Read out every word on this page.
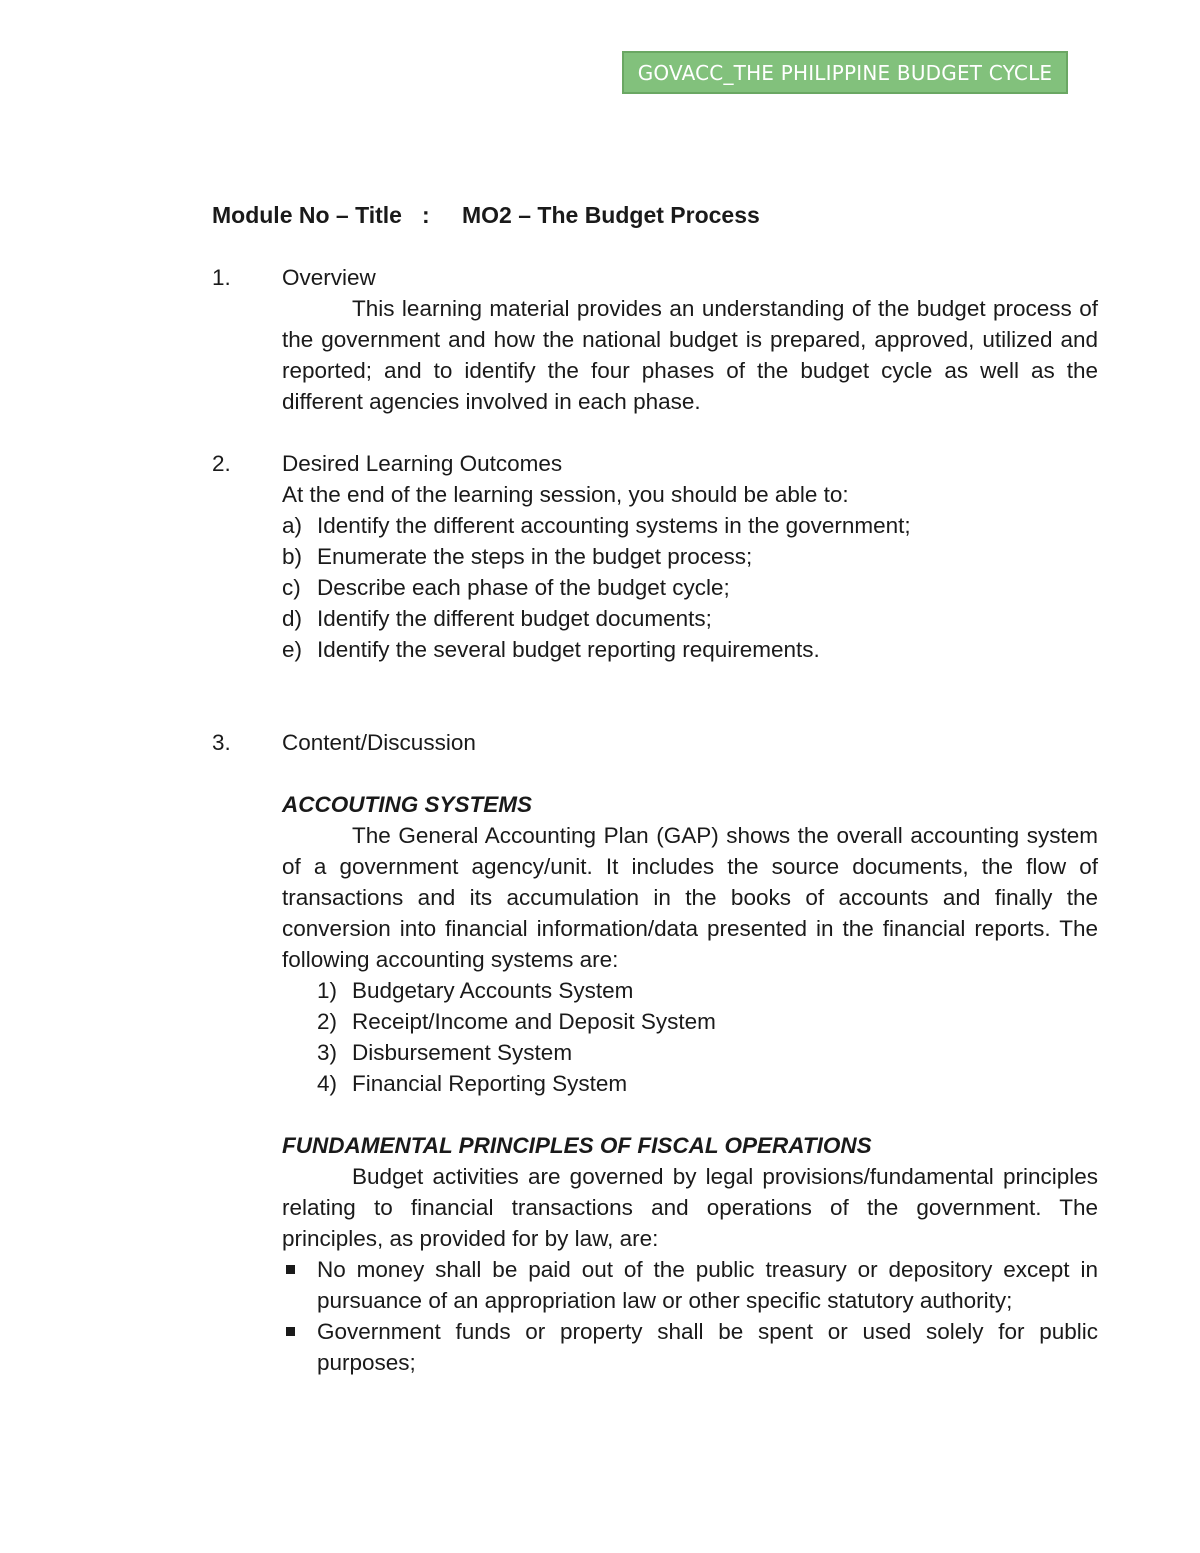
GOVACC_THE PHILIPPINE BUDGET CYCLE
Module No – Title :	MO2 – The Budget Process
1.	Overview
This learning material provides an understanding of the budget process of the government and how the national budget is prepared, approved, utilized and reported; and to identify the four phases of the budget cycle as well as the different agencies involved in each phase.
2.	Desired Learning Outcomes
At the end of the learning session, you should be able to:
a) Identify the different accounting systems in the government;
b) Enumerate the steps in the budget process;
c) Describe each phase of the budget cycle;
d) Identify the different budget documents;
e) Identify the several budget reporting requirements.
3.	Content/Discussion
ACCOUTING SYSTEMS
The General Accounting Plan (GAP) shows the overall accounting system of a government agency/unit. It includes the source documents, the flow of transactions and its accumulation in the books of accounts and finally the conversion into financial information/data presented in the financial reports. The following accounting systems are:
1) Budgetary Accounts System
2) Receipt/Income and Deposit System
3) Disbursement System
4) Financial Reporting System
FUNDAMENTAL PRINCIPLES OF FISCAL OPERATIONS
Budget activities are governed by legal provisions/fundamental principles relating to financial transactions and operations of the government. The principles, as provided for by law, are:
No money shall be paid out of the public treasury or depository except in pursuance of an appropriation law or other specific statutory authority;
Government funds or property shall be spent or used solely for public purposes;
